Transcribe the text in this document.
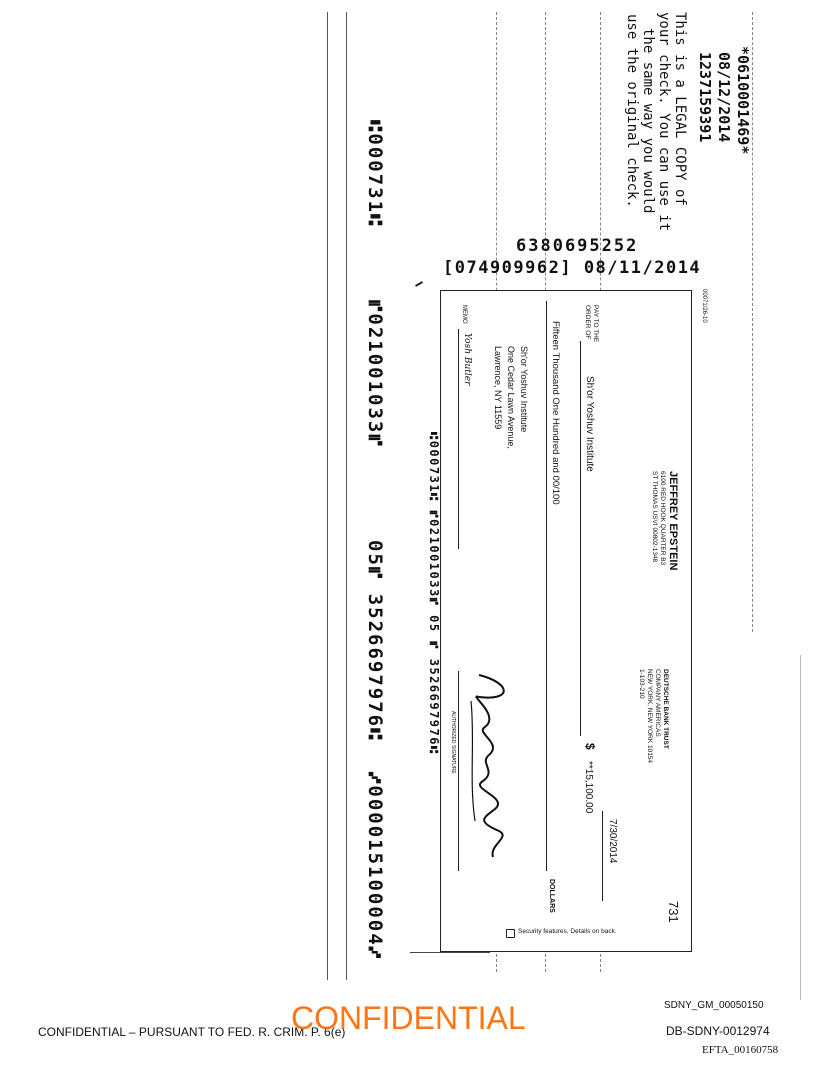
*0610001469*
08/12/2014
1237159391
This is a LEGAL COPY of
your check. You can use it
the same way you would
use the original check.
6380695252
[074909962] 08/11/2014
⑆000731⑆
⑈021001033⑈
05⑈ 3526697976⑆
⑇000015100004⑇
00071/26-10
JEFFREY EPSTEIN
6100 RED HOOK QUARTER B3
ST THOMAS USVI 00802-1348
DEUTSCHE BANK TRUST
COMPANY AMERICAS
NEW YORK, NEW YORK 10154
1-103-210
7/30/2014
731
PAY TO THE
ORDER OF
Sh'or Yoshuv Institute
$
**15,100.00
Fifteen Thousand One Hundred and 00/100
DOLLARS
Sh'or Yoshuv Institute
One Cedar Lawn Avenue,
Lawrence, NY 11559
MEMO
Yosh Butler
AUTHORIZED SIGNATURE
Security features. Details on back.
⑆000731⑆ ⑈021001033⑈ 05 ⑈ 3526697976⑆
SDNY_GM_00050150
CONFIDENTIAL – PURSUANT TO FED. R. CRIM. P. 6(e)
CONFIDENTIAL	DB-SDNY-0012974
EFTA_00160758
